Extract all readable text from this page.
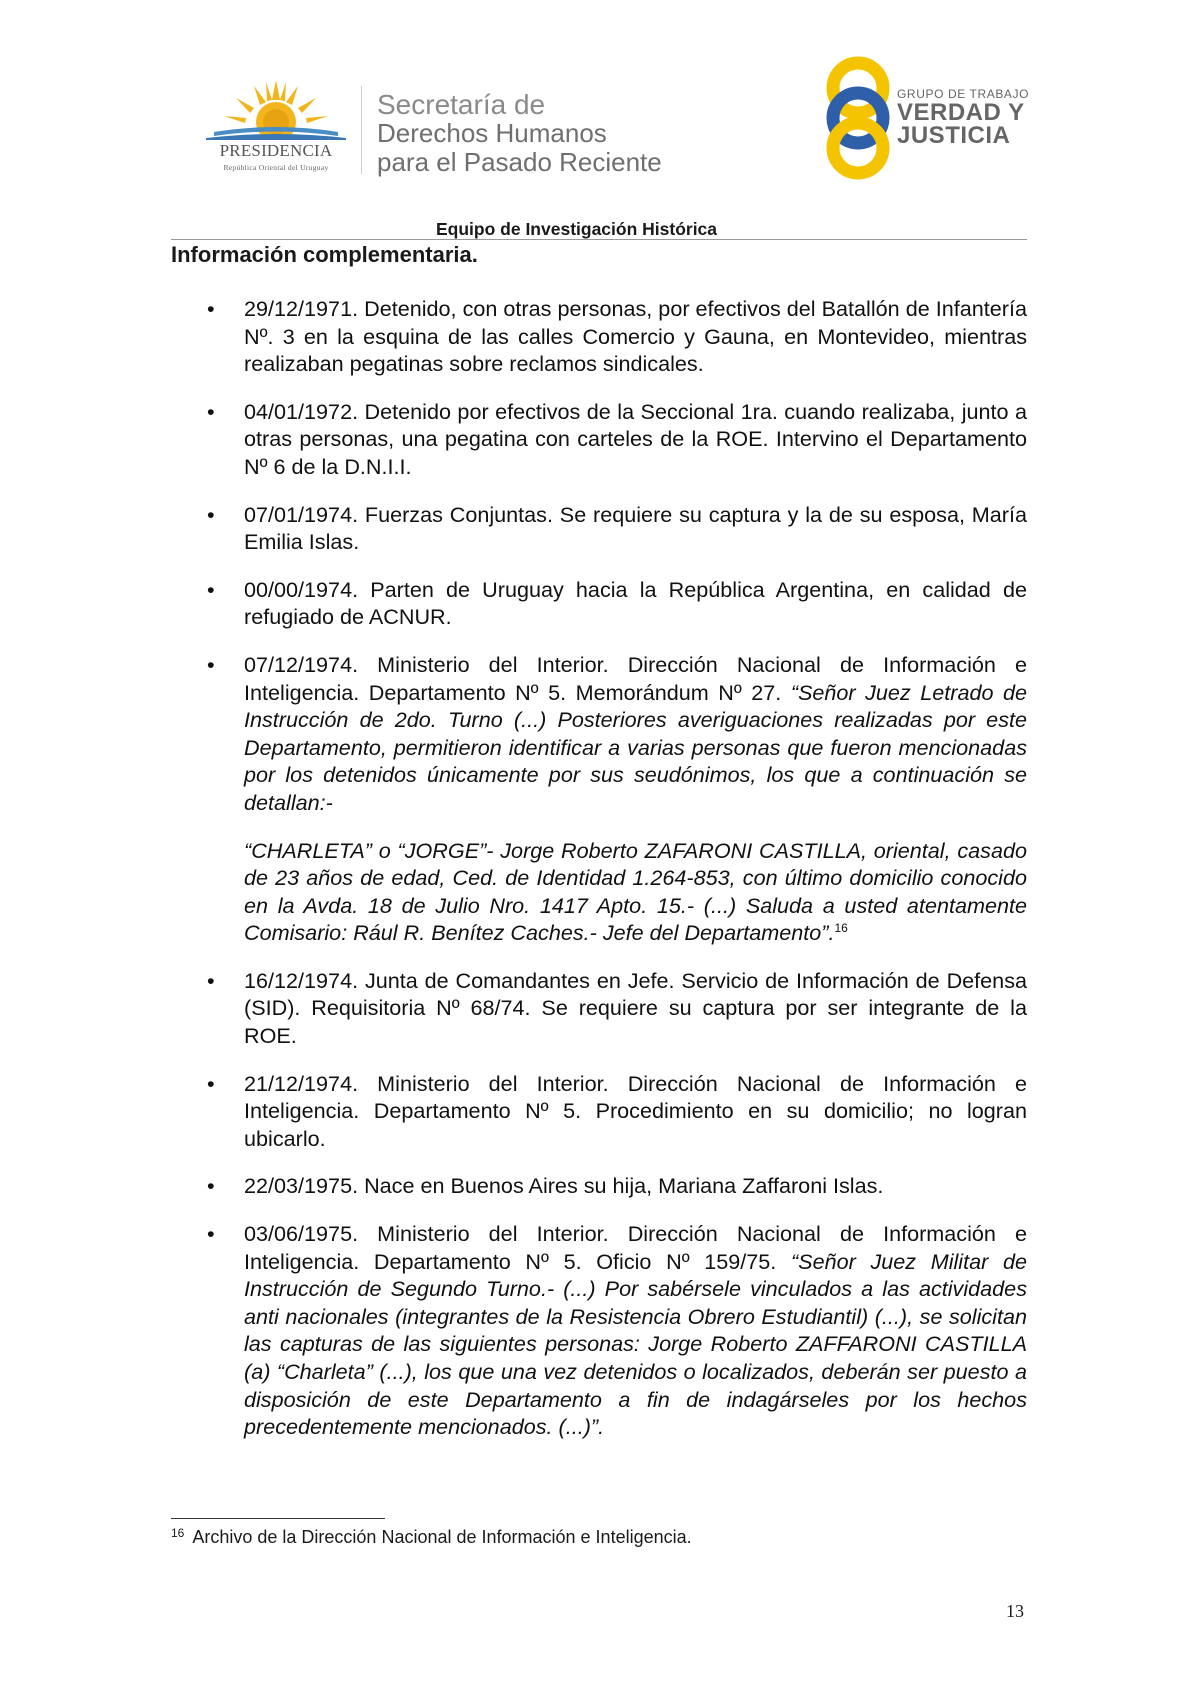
PRESIDENCIA
República Oriental del Uruguay
Secretaría de
Derechos Humanos
para el Pasado Reciente
GRUPO DE TRABAJO
VERDAD Y
JUSTICIA
Equipo de Investigación Histórica
Información complementaria.
• 29/12/1971. Detenido, con otras personas, por efectivos del Batallón de Infantería Nº. 3 en la esquina de las calles Comercio y Gauna, en Montevideo, mientras realizaban pegatinas sobre reclamos sindicales.

• 04/01/1972. Detenido por efectivos de la Seccional 1ra. cuando realizaba, junto a otras personas, una pegatina con carteles de la ROE. Intervino el Departamento Nº 6 de la D.N.I.I.

• 07/01/1974. Fuerzas Conjuntas. Se requiere su captura y la de su esposa, María Emilia Islas.

• 00/00/1974. Parten de Uruguay hacia la República Argentina, en calidad de refugiado de ACNUR.

• 07/12/1974. Ministerio del Interior. Dirección Nacional de Información e Inteligencia. Departamento Nº 5. Memorándum Nº 27. “Señor Juez Letrado de Instrucción de 2do. Turno (...) Posteriores averiguaciones realizadas por este Departamento, permitieron identificar a varias personas que fueron mencionadas por los detenidos únicamente por sus seudónimos, los que a continuación se detallan:-

“CHARLETA” o “JORGE”- Jorge Roberto ZAFARONI CASTILLA, oriental, casado de 23 años de edad, Ced. de Identidad 1.264-853, con último domicilio conocido en la Avda. 18 de Julio Nro. 1417 Apto. 15.- (...) Saluda a usted atentamente Comisario: Rául R. Benítez Caches.- Jefe del Departamento”.$^{16}$

• 16/12/1974. Junta de Comandantes en Jefe. Servicio de Información de Defensa (SID). Requisitoria Nº 68/74. Se requiere su captura por ser integrante de la ROE.

• 21/12/1974. Ministerio del Interior. Dirección Nacional de Información e Inteligencia. Departamento Nº 5. Procedimiento en su domicilio; no logran ubicarlo.

• 22/03/1975. Nace en Buenos Aires su hija, Mariana Zaffaroni Islas.

• 03/06/1975. Ministerio del Interior. Dirección Nacional de Información e Inteligencia. Departamento Nº 5. Oficio Nº 159/75. “Señor Juez Militar de Instrucción de Segundo Turno.- (...) Por sabérsele vinculados a las actividades anti nacionales (integrantes de la Resistencia Obrero Estudiantil) (...), se solicitan las capturas de las siguientes personas: Jorge Roberto ZAFFARONI CASTILLA (a) “Charleta” (...), los que una vez detenidos o localizados, deberán ser puesto a disposición de este Departamento a fin de indagárseles por los hechos precedentemente mencionados. (...)”.

$^{16}$ Archivo de la Dirección Nacional de Información e Inteligencia.
13
